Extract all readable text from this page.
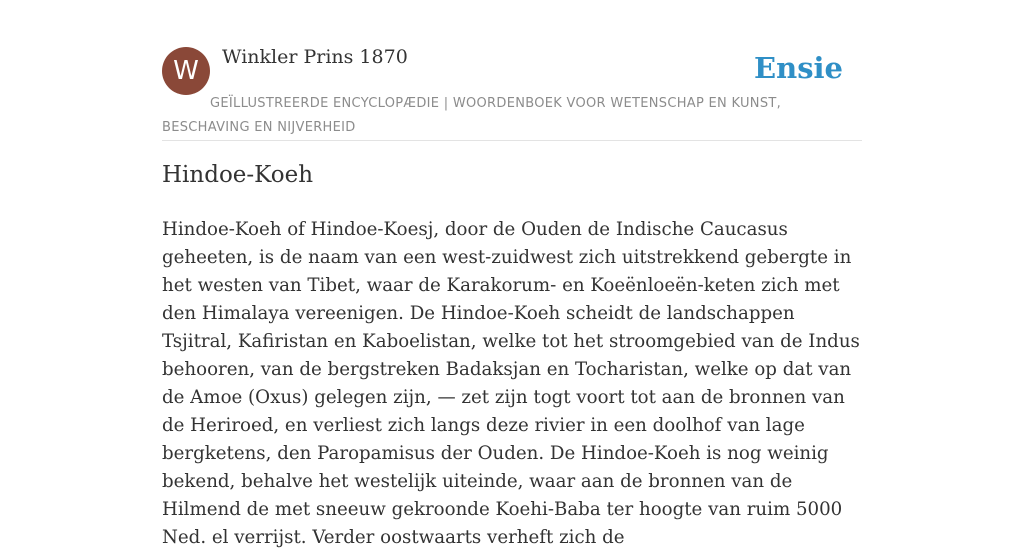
W	Winkler Prins 1870	Ensie
GEÏLLUSTREERDE ENCYCLOPÆDIE | WOORDENBOEK VOOR WETENSCHAP EN KUNST, BESCHAVING EN NIJVERHEID
Hindoe-Koeh

Hindoe-Koeh of Hindoe-Koesj, door de Ouden de Indische Caucasus geheeten, is de naam van een west-zuidwest zich uitstrekkend gebergte in het westen van Tibet, waar de Karakorum- en Koeënloeën-keten zich met den Himalaya vereenigen. De Hindoe-Koeh scheidt de landschappen Tsjitral, Kafiristan en Kaboelistan, welke tot het stroomgebied van de Indus behooren, van de bergstreken Badaksjan en Tocharistan, welke op dat van de Amoe (Oxus) gelegen zijn, — zet zijn togt voort tot aan de bronnen van de Heriroed, en verliest zich langs deze rivier in een doolhof van lage bergketens, den Paropamisus der Ouden. De Hindoe-Koeh is nog weinig bekend, behalve het westelijk uiteinde, waar aan de bronnen van de Hilmend de met sneeuw gekroonde Koehi-Baba ter hoogte van ruim 5000 Ned. el verrijst. Verder oostwaarts verheft zich de
